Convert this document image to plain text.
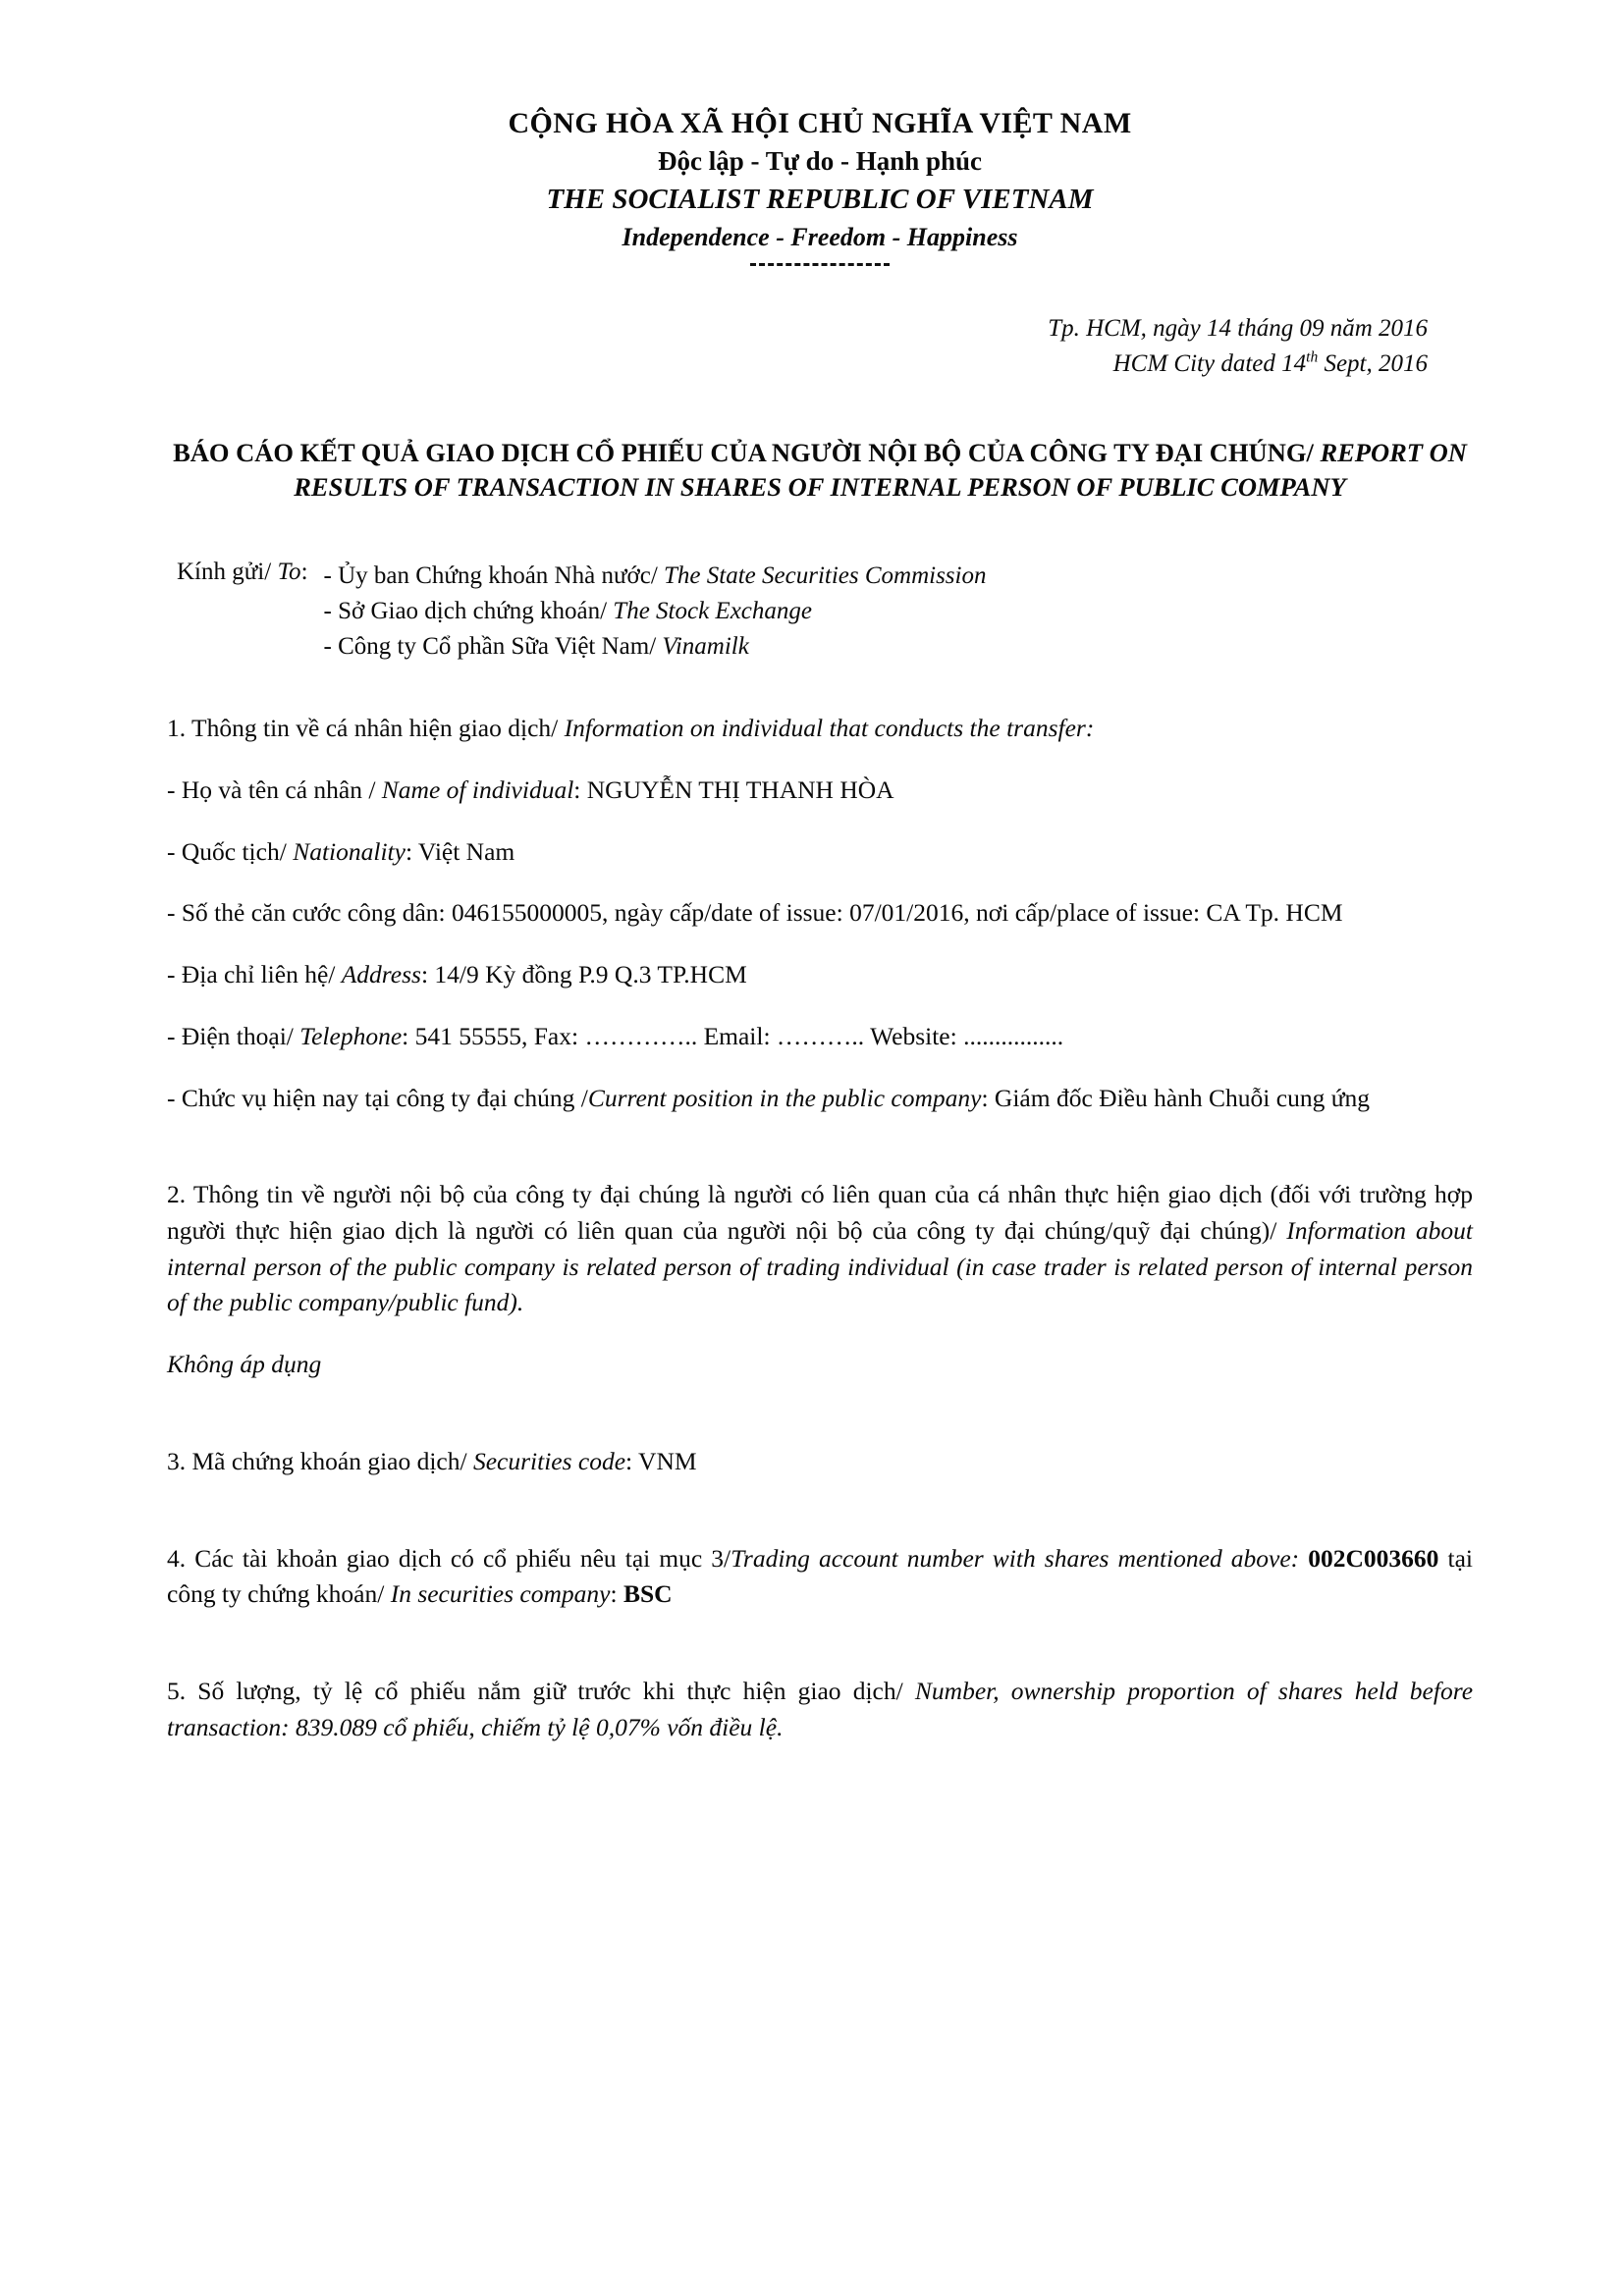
CỘNG HÒA XÃ HỘI CHỦ NGHĨA VIỆT NAM
Độc lập - Tự do - Hạnh phúc
THE SOCIALIST REPUBLIC OF VIETNAM
Independence - Freedom - Happiness
Tp. HCM, ngày 14 tháng 09 năm 2016
HCM City dated 14th Sept, 2016
BÁO CÁO KẾT QUẢ GIAO DỊCH CỔ PHIẾU CỦA NGƯỜI NỘI BỘ CỦA CÔNG TY ĐẠI CHÚNG/ REPORT ON RESULTS OF TRANSACTION IN SHARES OF INTERNAL PERSON OF PUBLIC COMPANY
Kính gửi/ To: - Ủy ban Chứng khoán Nhà nước/ The State Securities Commission
- Sở Giao dịch chứng khoán/ The Stock Exchange
- Công ty Cổ phần Sữa Việt Nam/ Vinamilk
1. Thông tin về cá nhân hiện giao dịch/ Information on individual that conducts the transfer:
- Họ và tên cá nhân / Name of individual: NGUYỄN THỊ THANH HÒA
- Quốc tịch/ Nationality: Việt Nam
- Số thẻ căn cước công dân: 046155000005, ngày cấp/date of issue: 07/01/2016, nơi cấp/place of issue: CA Tp. HCM
- Địa chỉ liên hệ/ Address: 14/9 Kỳ đồng P.9 Q.3 TP.HCM
- Điện thoại/ Telephone: 541 55555, Fax: ………….. Email: ……….. Website: ................
- Chức vụ hiện nay tại công ty đại chúng /Current position in the public company: Giám đốc Điều hành Chuỗi cung ứng
2. Thông tin về người nội bộ của công ty đại chúng là người có liên quan của cá nhân thực hiện giao dịch (đối với trường hợp người thực hiện giao dịch là người có liên quan của người nội bộ của công ty đại chúng/quỹ đại chúng)/ Information about internal person of the public company is related person of trading individual (in case trader is related person of internal person of the public company/public fund).
Không áp dụng
3. Mã chứng khoán giao dịch/ Securities code: VNM
4. Các tài khoản giao dịch có cổ phiếu nêu tại mục 3/Trading account number with shares mentioned above: 002C003660 tại công ty chứng khoán/ In securities company: BSC
5. Số lượng, tỷ lệ cổ phiếu nắm giữ trước khi thực hiện giao dịch/ Number, ownership proportion of shares held before transaction: 839.089 cổ phiếu, chiếm tỷ lệ 0,07% vốn điều lệ.
